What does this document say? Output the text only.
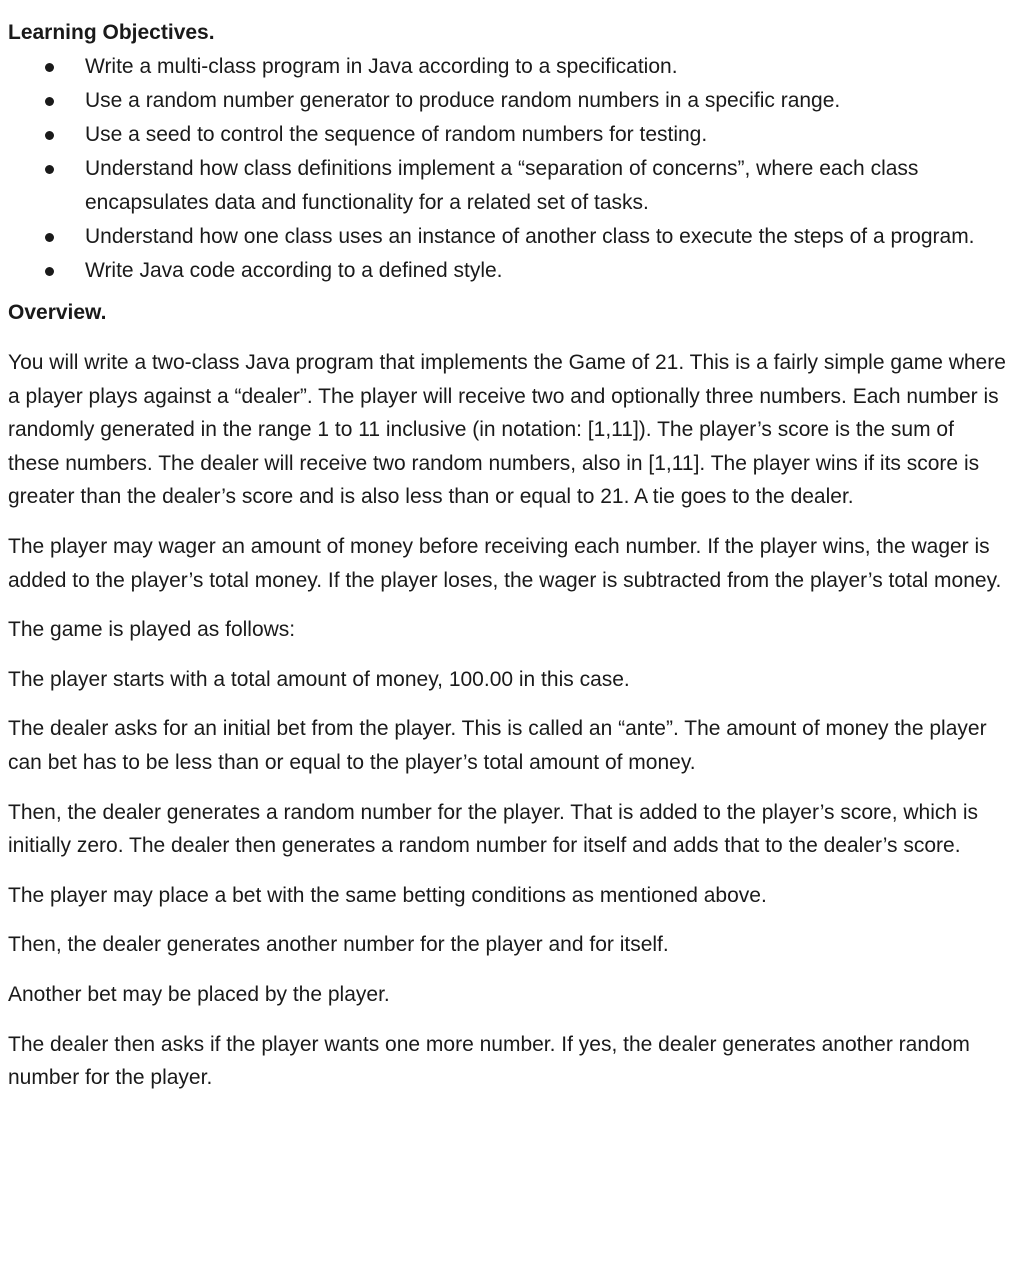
Learning Objectives.
Write a multi-class program in Java according to a specification.
Use a random number generator to produce random numbers in a specific range.
Use a seed to control the sequence of random numbers for testing.
Understand how class definitions implement a “separation of concerns”, where each class encapsulates data and functionality for a related set of tasks.
Understand how one class uses an instance of another class to execute the steps of a program.
Write Java code according to a defined style.
Overview.

You will write a two-class Java program that implements the Game of 21. This is a fairly simple game where a player plays against a “dealer”. The player will receive two and optionally three numbers. Each number is randomly generated in the range 1 to 11 inclusive (in notation: [1,11]). The player’s score is the sum of these numbers. The dealer will receive two random numbers, also in [1,11]. The player wins if its score is greater than the dealer’s score and is also less than or equal to 21. A tie goes to the dealer.

The player may wager an amount of money before receiving each number. If the player wins, the wager is added to the player’s total money. If the player loses, the wager is subtracted from the player’s total money.

The game is played as follows:

The player starts with a total amount of money, 100.00 in this case.

The dealer asks for an initial bet from the player. This is called an “ante”. The amount of money the player can bet has to be less than or equal to the player’s total amount of money.

Then, the dealer generates a random number for the player. That is added to the player’s score, which is initially zero. The dealer then generates a random number for itself and adds that to the dealer’s score.

The player may place a bet with the same betting conditions as mentioned above.

Then, the dealer generates another number for the player and for itself.

Another bet may be placed by the player.

The dealer then asks if the player wants one more number. If yes, the dealer generates another random number for the player.
